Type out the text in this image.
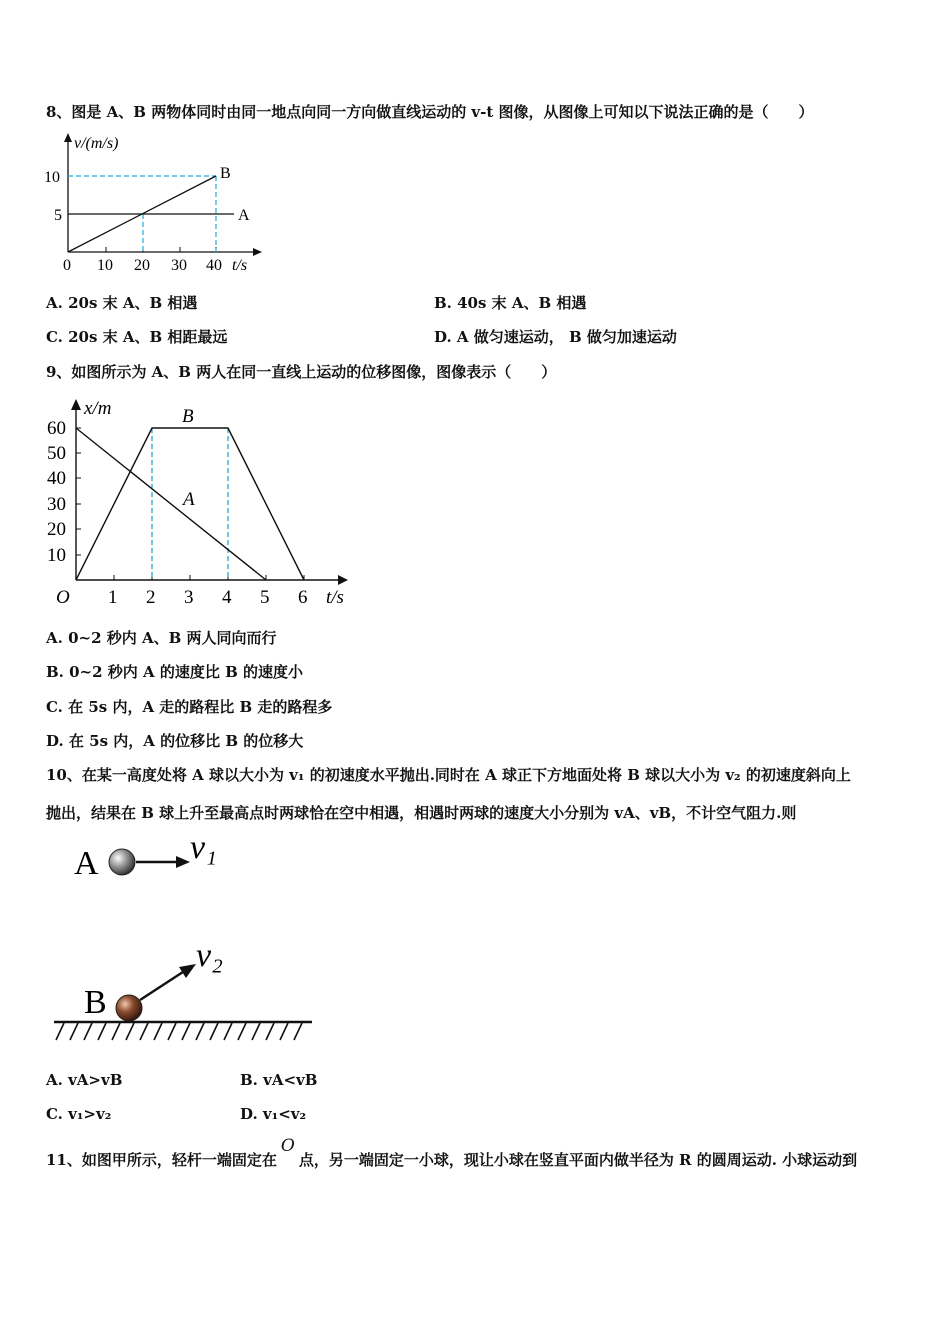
8、图是 A、B 两物体同时由同一地点向同一方向做直线运动的 v-t 图像，从图像上可知以下说法正确的是（　　）
v/(m/s)
10
5
0 10 20 30 40 t/s
A
B
A. 20s 末 A、B 相遇	B. 40s 末 A、B 相遇
C. 20s 末 A、B 相距最远	D. A 做匀速运动， B 做匀加速运动
9、如图所示为 A、B 两人在同一直线上运动的位移图像，图像表示（　　）
x/m
60
50
40
30
20
10
O 1 2 3 4 5 6 t/s
B
A
A. 0~2 秒内 A、B 两人同向而行
B. 0~2 秒内 A 的速度比 B 的速度小
C. 在 5s 内，A 走的路程比 B 走的路程多
D. 在 5s 内，A 的位移比 B 的位移大
10、在某一高度处将 A 球以大小为 v₁ 的初速度水平抛出.同时在 A 球正下方地面处将 B 球以大小为 v₂ 的初速度斜向上
抛出，结果在 B 球上升至最高点时两球恰在空中相遇，相遇时两球的速度大小分别为 vA、vB，不计空气阻力.则
A	v₁
B
v₂
A. vA>vB	B. vA<vB
C. v₁>v₂	D. v₁<v₂
11、如图甲所示，轻杆一端固定在O点，另一端固定一小球，现让小球在竖直平面内做半径为 R 的圆周运动. 小球运动到
